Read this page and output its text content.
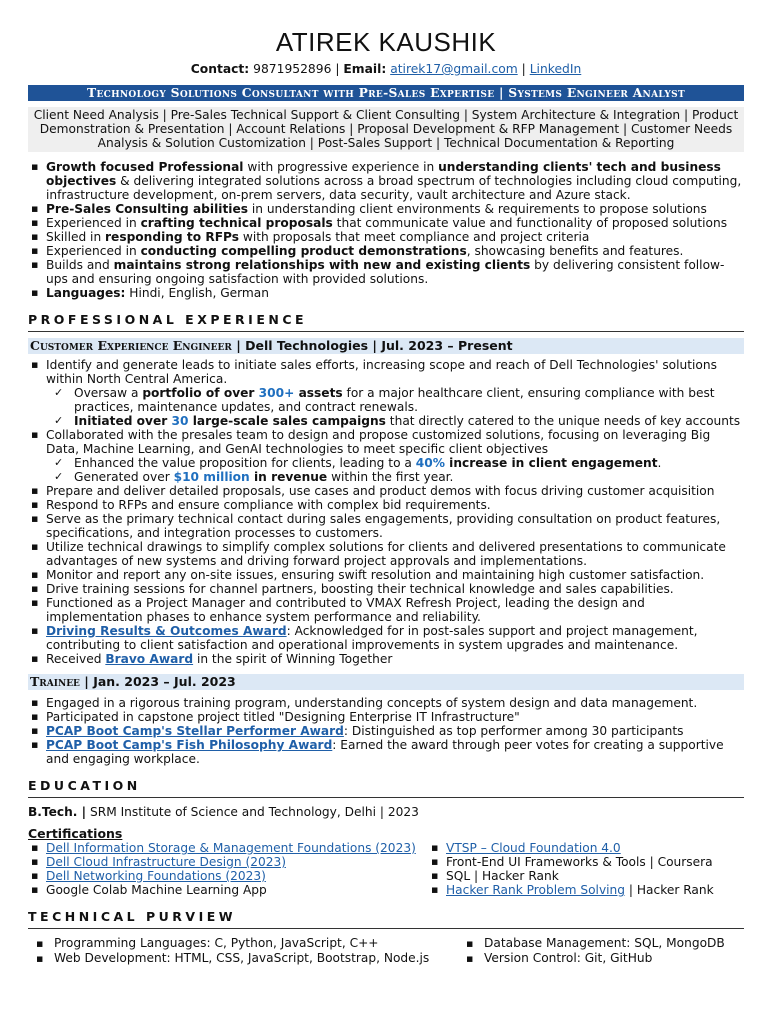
ATIREK KAUSHIK
Contact: 9871952896 | Email: atirek17@gmail.com | LinkedIn
Technology Solutions Consultant with Pre-Sales Expertise | Systems Engineer Analyst
Client Need Analysis | Pre-Sales Technical Support & Client Consulting | System Architecture & Integration | Product Demonstration & Presentation | Account Relations | Proposal Development & RFP Management | Customer Needs Analysis & Solution Customization | Post-Sales Support | Technical Documentation & Reporting
▪ Growth focused Professional with progressive experience in understanding clients' tech and business objectives & delivering integrated solutions across a broad spectrum of technologies including cloud computing, infrastructure development, on-prem servers, data security, vault architecture and Azure stack.
▪ Pre-Sales Consulting abilities in understanding client environments & requirements to propose solutions
▪ Experienced in crafting technical proposals that communicate value and functionality of proposed solutions
▪ Skilled in responding to RFPs with proposals that meet compliance and project criteria
▪ Experienced in conducting compelling product demonstrations, showcasing benefits and features.
▪ Builds and maintains strong relationships with new and existing clients by delivering consistent follow-ups and ensuring ongoing satisfaction with provided solutions.
▪ Languages: Hindi, English, German
PROFESSIONAL EXPERIENCE
Customer Experience Engineer | Dell Technologies | Jul. 2023 – Present
▪ Identify and generate leads to initiate sales efforts, increasing scope and reach of Dell Technologies' solutions within North Central America.
✓ Oversaw a portfolio of over 300+ assets for a major healthcare client, ensuring compliance with best practices, maintenance updates, and contract renewals.
✓ Initiated over 30 large-scale sales campaigns that directly catered to the unique needs of key accounts
▪ Collaborated with the presales team to design and propose customized solutions, focusing on leveraging Big Data, Machine Learning, and GenAI technologies to meet specific client objectives
✓ Enhanced the value proposition for clients, leading to a 40% increase in client engagement.
✓ Generated over $10 million in revenue within the first year.
▪ Prepare and deliver detailed proposals, use cases and product demos with focus driving customer acquisition
▪ Respond to RFPs and ensure compliance with complex bid requirements.
▪ Serve as the primary technical contact during sales engagements, providing consultation on product features, specifications, and integration processes to customers.
▪ Utilize technical drawings to simplify complex solutions for clients and delivered presentations to communicate advantages of new systems and driving forward project approvals and implementations.
▪ Monitor and report any on-site issues, ensuring swift resolution and maintaining high customer satisfaction.
▪ Drive training sessions for channel partners, boosting their technical knowledge and sales capabilities.
▪ Functioned as a Project Manager and contributed to VMAX Refresh Project, leading the design and implementation phases to enhance system performance and reliability.
▪ Driving Results & Outcomes Award: Acknowledged for in post-sales support and project management, contributing to client satisfaction and operational improvements in system upgrades and maintenance.
▪ Received Bravo Award in the spirit of Winning Together
Trainee | Jan. 2023 – Jul. 2023
▪ Engaged in a rigorous training program, understanding concepts of system design and data management.
▪ Participated in capstone project titled "Designing Enterprise IT Infrastructure"
▪ PCAP Boot Camp's Stellar Performer Award: Distinguished as top performer among 30 participants
▪ PCAP Boot Camp's Fish Philosophy Award: Earned the award through peer votes for creating a supportive and engaging workplace.
EDUCATION
B.Tech. | SRM Institute of Science and Technology, Delhi | 2023
Certifications
▪ Dell Information Storage & Management Foundations (2023)
▪ Dell Cloud Infrastructure Design (2023)
▪ Dell Networking Foundations (2023)
▪ Google Colab Machine Learning App
▪ VTSP – Cloud Foundation 4.0
▪ Front-End UI Frameworks & Tools | Coursera
▪ SQL | Hacker Rank
▪ Hacker Rank Problem Solving | Hacker Rank
TECHNICAL PURVIEW
▪ Programming Languages: C, Python, JavaScript, C++
▪ Web Development: HTML, CSS, JavaScript, Bootstrap, Node.js
▪ Database Management: SQL, MongoDB
▪ Version Control: Git, GitHub
